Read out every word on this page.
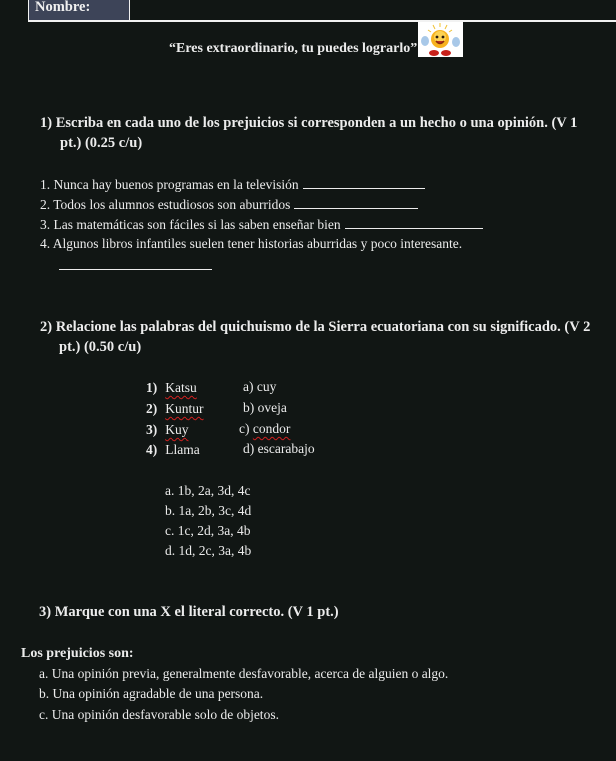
Nombre:
“Eres extraordinario, tu puedes lograrlo”
1) Escriba en cada uno de los prejuicios si corresponden a un hecho o una opinión. (V 1
pt.) (0.25 c/u)
1. Nunca hay buenos programas en la televisión
2. Todos los alumnos estudiosos son aburridos
3. Las matemáticas son fáciles si las saben enseñar bien
4. Algunos libros infantiles suelen tener historias aburridas y poco interesante.
2) Relacione las palabras del quichuismo de la Sierra ecuatoriana con su significado. (V 2
pt.) (0.50 c/u)
1) Katsu
2) Kuntur
3) Kuy
4) Llama
a) cuy
b) oveja
c) condor
d) escarabajo
a. 1b, 2a, 3d, 4c
b. 1a, 2b, 3c, 4d
c. 1c, 2d, 3a, 4b
d. 1d, 2c, 3a, 4b
3) Marque con una X el literal correcto. (V 1 pt.)
Los prejuicios son:
a. Una opinión previa, generalmente desfavorable, acerca de alguien o algo.
b. Una opinión agradable de una persona.
c. Una opinión desfavorable solo de objetos.
